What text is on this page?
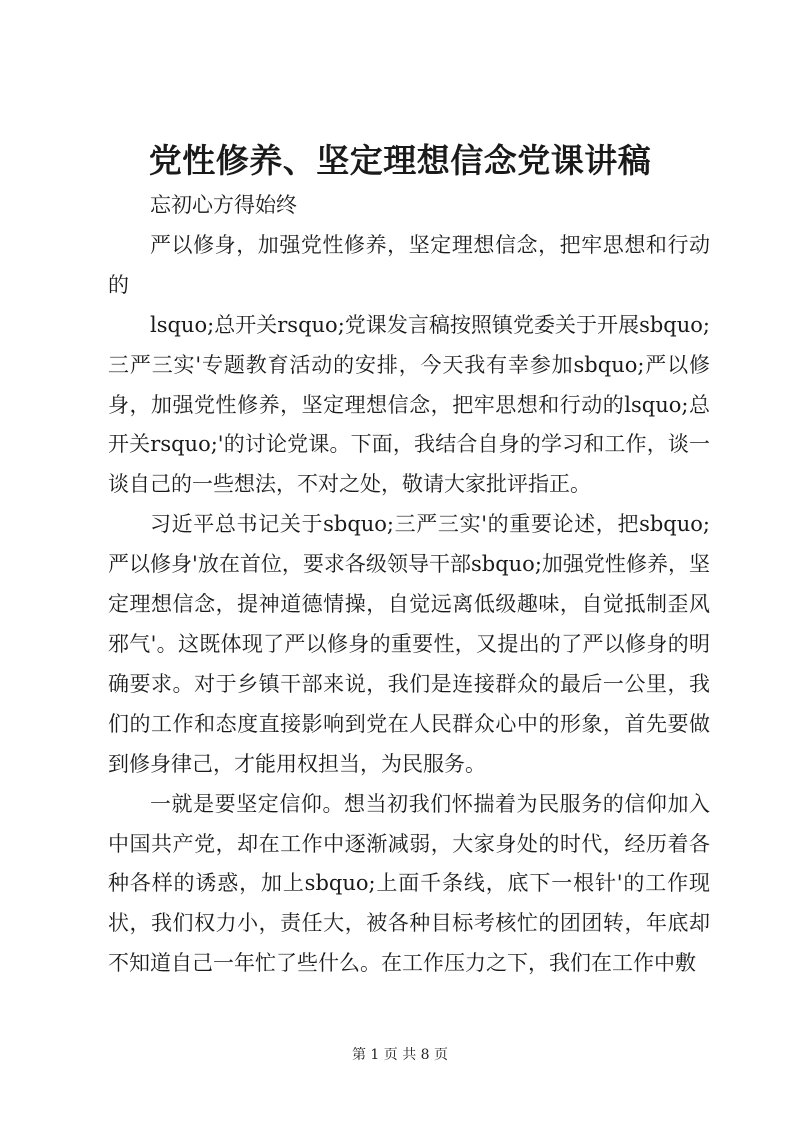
党性修养、坚定理想信念党课讲稿

忘初心方得始终

严以修身，加强党性修养，坚定理想信念，把牢思想和行动的

lsquo;总开关rsquo;党课发言稿按照镇党委关于开展sbquo;三严三实'专题教育活动的安排，今天我有幸参加sbquo;严以修身，加强党性修养，坚定理想信念，把牢思想和行动的lsquo;总开关rsquo;'的讨论党课。下面，我结合自身的学习和工作，谈一谈自己的一些想法，不对之处，敬请大家批评指正。

习近平总书记关于sbquo;三严三实'的重要论述，把sbquo;严以修身'放在首位，要求各级领导干部sbquo;加强党性修养，坚定理想信念，提神道德情操，自觉远离低级趣味，自觉抵制歪风邪气'。这既体现了严以修身的重要性，又提出的了严以修身的明确要求。对于乡镇干部来说，我们是连接群众的最后一公里，我们的工作和态度直接影响到党在人民群众心中的形象，首先要做到修身律己，才能用权担当，为民服务。

一就是要坚定信仰。想当初我们怀揣着为民服务的信仰加入中国共产党，却在工作中逐渐减弱，大家身处的时代，经历着各种各样的诱惑，加上sbquo;上面千条线，底下一根针'的工作现状，我们权力小，责任大，被各种目标考核忙的团团转，年底却不知道自己一年忙了些什么。在工作压力之下，我们在工作中敷

第 1 页 共 8 页
